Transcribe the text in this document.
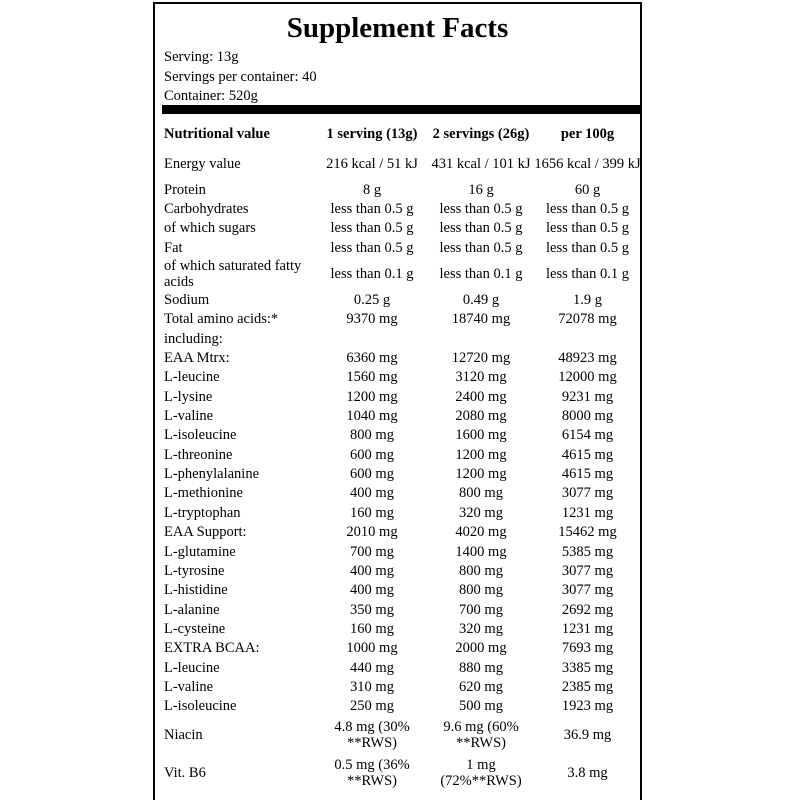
Supplement Facts
Serving: 13g
Servings per container: 40
Container: 520g
Nutritional value	1 serving (13g)	2 servings (26g)	per 100g
Energy value	216 kcal / 51 kJ	431 kcal / 101 kJ	1656 kcal / 399 kJ
Protein	8 g	16 g	60 g
Carbohydrates	less than 0.5 g	less than 0.5 g	less than 0.5 g
of which sugars	less than 0.5 g	less than 0.5 g	less than 0.5 g
Fat	less than 0.5 g	less than 0.5 g	less than 0.5 g
of which saturated fatty acids	less than 0.1 g	less than 0.1 g	less than 0.1 g
Sodium	0.25 g	0.49 g	1.9 g
Total amino acids:*	9370 mg	18740 mg	72078 mg
including:			
EAA Mtrx:	6360 mg	12720 mg	48923 mg
L-leucine	1560 mg	3120 mg	12000 mg
L-lysine	1200 mg	2400 mg	9231 mg
L-valine	1040 mg	2080 mg	8000 mg
L-isoleucine	800 mg	1600 mg	6154 mg
L-threonine	600 mg	1200 mg	4615 mg
L-phenylalanine	600 mg	1200 mg	4615 mg
L-methionine	400 mg	800 mg	3077 mg
L-tryptophan	160 mg	320 mg	1231 mg
EAA Support:	2010 mg	4020 mg	15462 mg
L-glutamine	700 mg	1400 mg	5385 mg
L-tyrosine	400 mg	800 mg	3077 mg
L-histidine	400 mg	800 mg	3077 mg
L-alanine	350 mg	700 mg	2692 mg
L-cysteine	160 mg	320 mg	1231 mg
EXTRA BCAA:	1000 mg	2000 mg	7693 mg
L-leucine	440 mg	880 mg	3385 mg
L-valine	310 mg	620 mg	2385 mg
L-isoleucine	250 mg	500 mg	1923 mg
Niacin	4.8 mg (30% **RWS)	9.6 mg (60% **RWS)	36.9 mg
Vit. B6	0.5 mg (36% **RWS)	1 mg (72%**RWS)	3.8 mg
